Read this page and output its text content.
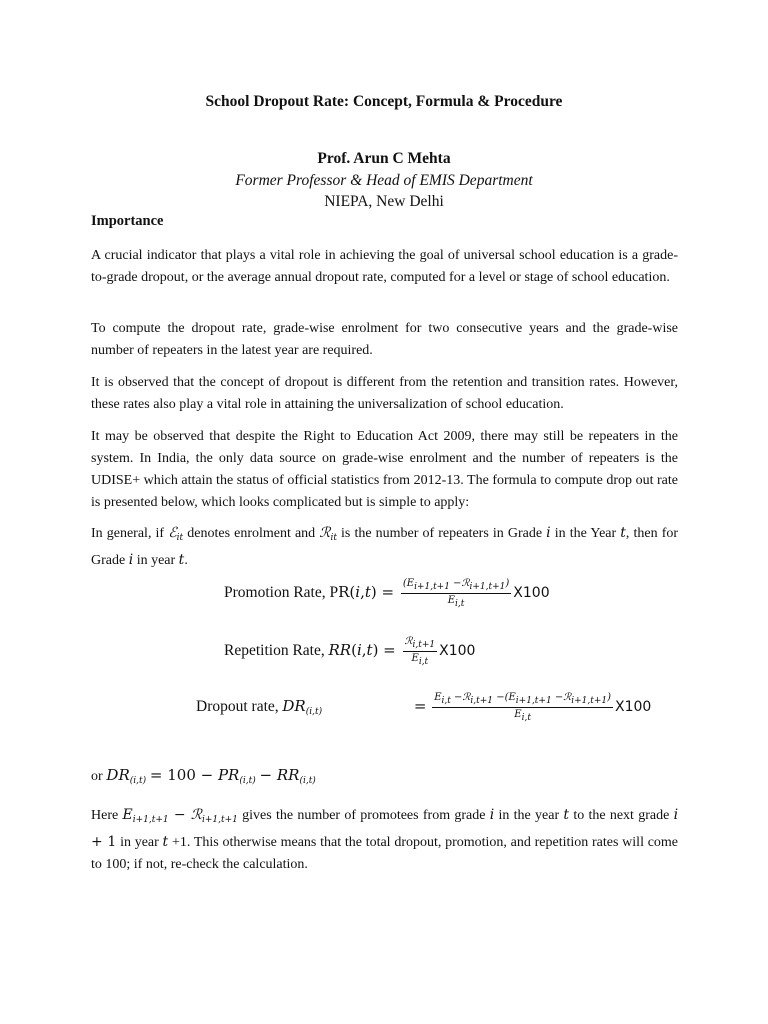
School Dropout Rate: Concept, Formula & Procedure
Prof. Arun C Mehta
Former Professor & Head of EMIS Department
NIEPA, New Delhi
Importance
A crucial indicator that plays a vital role in achieving the goal of universal school education is a grade-to-grade dropout, or the average annual dropout rate, computed for a level or stage of school education.
To compute the dropout rate, grade-wise enrolment for two consecutive years and the grade-wise number of repeaters in the latest year are required.
It is observed that the concept of dropout is different from the retention and transition rates. However, these rates also play a vital role in attaining the universalization of school education.
It may be observed that despite the Right to Education Act 2009, there may still be repeaters in the system. In India, the only data source on grade-wise enrolment and the number of repeaters is the UDISE+ which attain the status of official statistics from 2012-13. The formula to compute drop out rate is presented below, which looks complicated but is simple to apply:
In general, if ℰ$_{it}$ denotes enrolment and ℛ$_{it}$ is the number of repeaters in Grade i in the Year t, then for Grade i in year t.
Promotion Rate, $PR(i,t) = \frac{\text{(Ei+1,t+1 −ℛi+1,t+1)}}{Ei,t} X100$
Repetition Rate, $RR(i,t) = \frac{\text{ℛi,t+1}}{Ei,t} X100$
Dropout rate, $DR_{(i,t)}$	= $\frac{\text{Ei,t −ℛi,t+1 −(Ei+1,t+1 −ℛi+1,t+1)}}{Ei,t} X100$
or $DR_{(i,t)} = 100 - PR_{(i,t)} - RR_{(i,t)}$
Here $E_{i+1,t+1}$ − ℛ$_{i+1,t+1}$ gives the number of promotees from grade i in the year t to the next grade i + 1 in year t +1. This otherwise means that the total dropout, promotion, and repetition rates will come to 100; if not, re-check the calculation.
